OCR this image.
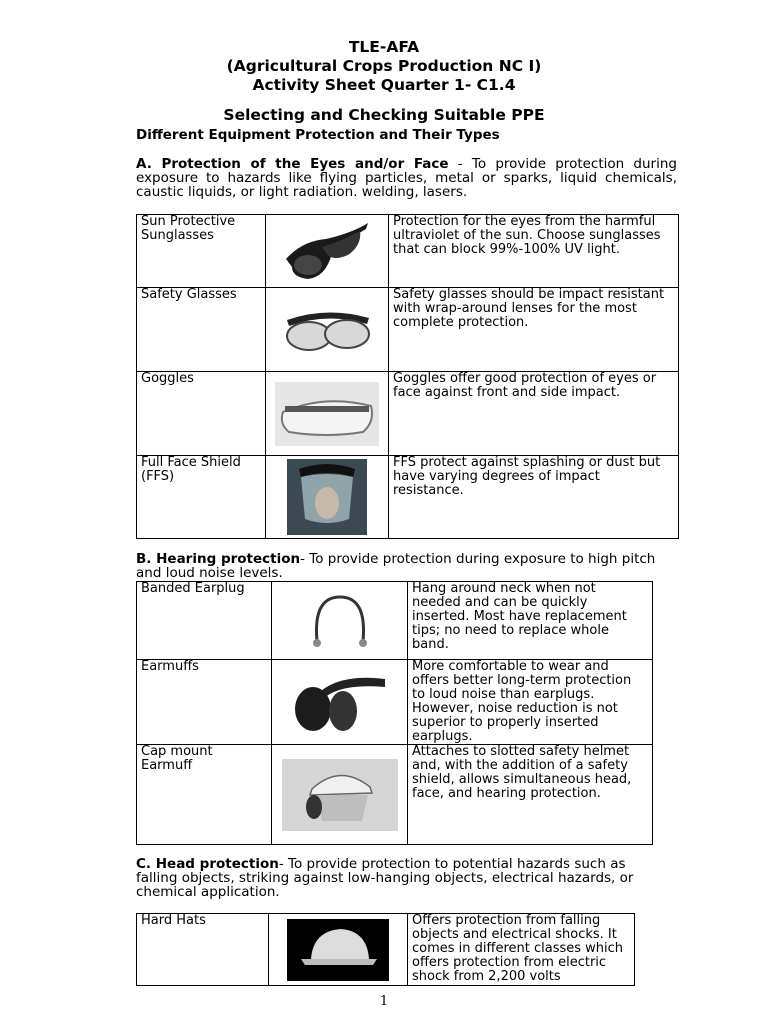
TLE-AFA
(Agricultural Crops Production NC I)
Activity Sheet Quarter 1- C1.4
Selecting and Checking Suitable PPE
Different Equipment Protection and Their Types
A. Protection of the Eyes and/or Face - To provide protection during exposure to hazards like flying particles, metal or sparks, liquid chemicals, caustic liquids, or light radiation. welding, lasers.
Sun Protective Sunglasses		Protection for the eyes from the harmful ultraviolet of the sun. Choose sunglasses that can block 99%-100% UV light.
Safety Glasses		Safety glasses should be impact resistant with wrap-around lenses for the most complete protection.
Goggles		Goggles offer good protection of eyes or face against front and side impact.
Full Face Shield (FFS)		FFS protect against splashing or dust but have varying degrees of impact resistance.
B. Hearing protection- To provide protection during exposure to high pitch and loud noise levels.
Banded Earplug		Hang around neck when not needed and can be quickly inserted. Most have replacement tips; no need to replace whole band.
Earmuffs		More comfortable to wear and offers better long-term protection to loud noise than earplugs. However, noise reduction is not superior to properly inserted earplugs.
Cap mount Earmuff		Attaches to slotted safety helmet and, with the addition of a safety shield, allows simultaneous head, face, and hearing protection.
C. Head protection- To provide protection to potential hazards such as falling objects, striking against low-hanging objects, electrical hazards, or chemical application.
Hard Hats		Offers protection from falling objects and electrical shocks. It comes in different classes which offers protection from electric shock from 2,200 volts
1
